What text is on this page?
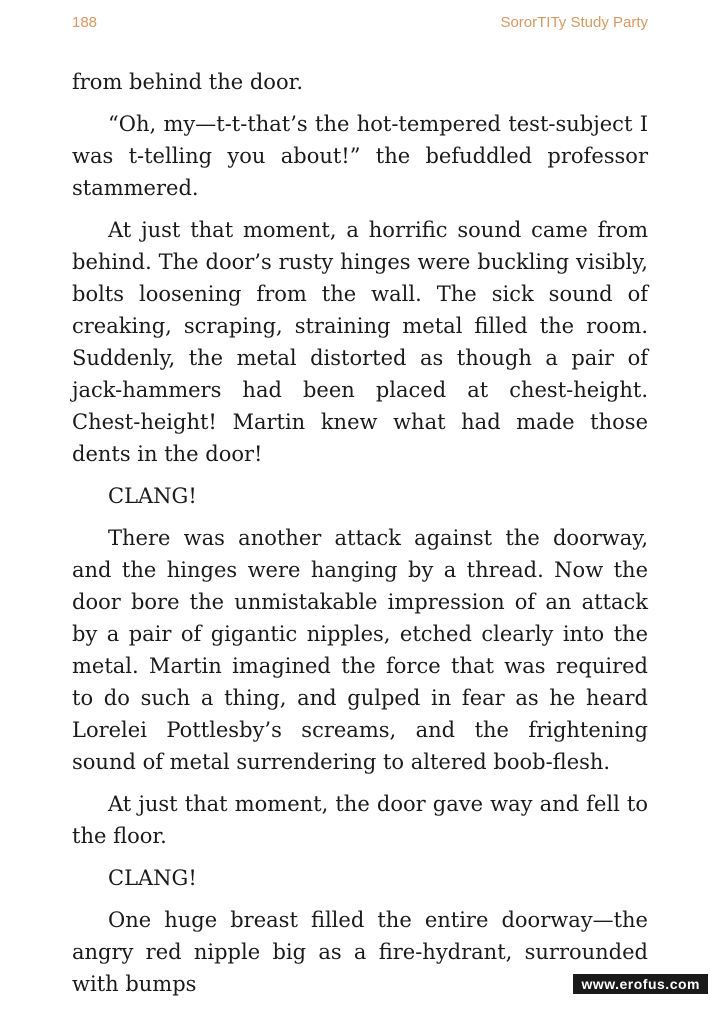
188	SororTITy Study Party

from behind the door.

“Oh, my—t-t-that’s the hot-tempered test-subject I was t-telling you about!” the befuddled professor stammered.

At just that moment, a horrific sound came from behind. The door’s rusty hinges were buckling visibly, bolts loosening from the wall. The sick sound of creaking, scraping, straining metal filled the room. Suddenly, the metal distorted as though a pair of jack-hammers had been placed at chest-height. Chest-height! Martin knew what had made those dents in the door!

CLANG!

There was another attack against the doorway, and the hinges were hanging by a thread. Now the door bore the unmistakable impression of an attack by a pair of gigantic nipples, etched clearly into the metal. Martin imagined the force that was required to do such a thing, and gulped in fear as he heard Lorelei Pottlesby’s screams, and the frightening sound of metal surrendering to altered boob-flesh.

At just that moment, the door gave way and fell to the floor.

CLANG!

One huge breast filled the entire doorway—the angry red nipple big as a fire-hydrant, surrounded with bumps	www.erofus.com
